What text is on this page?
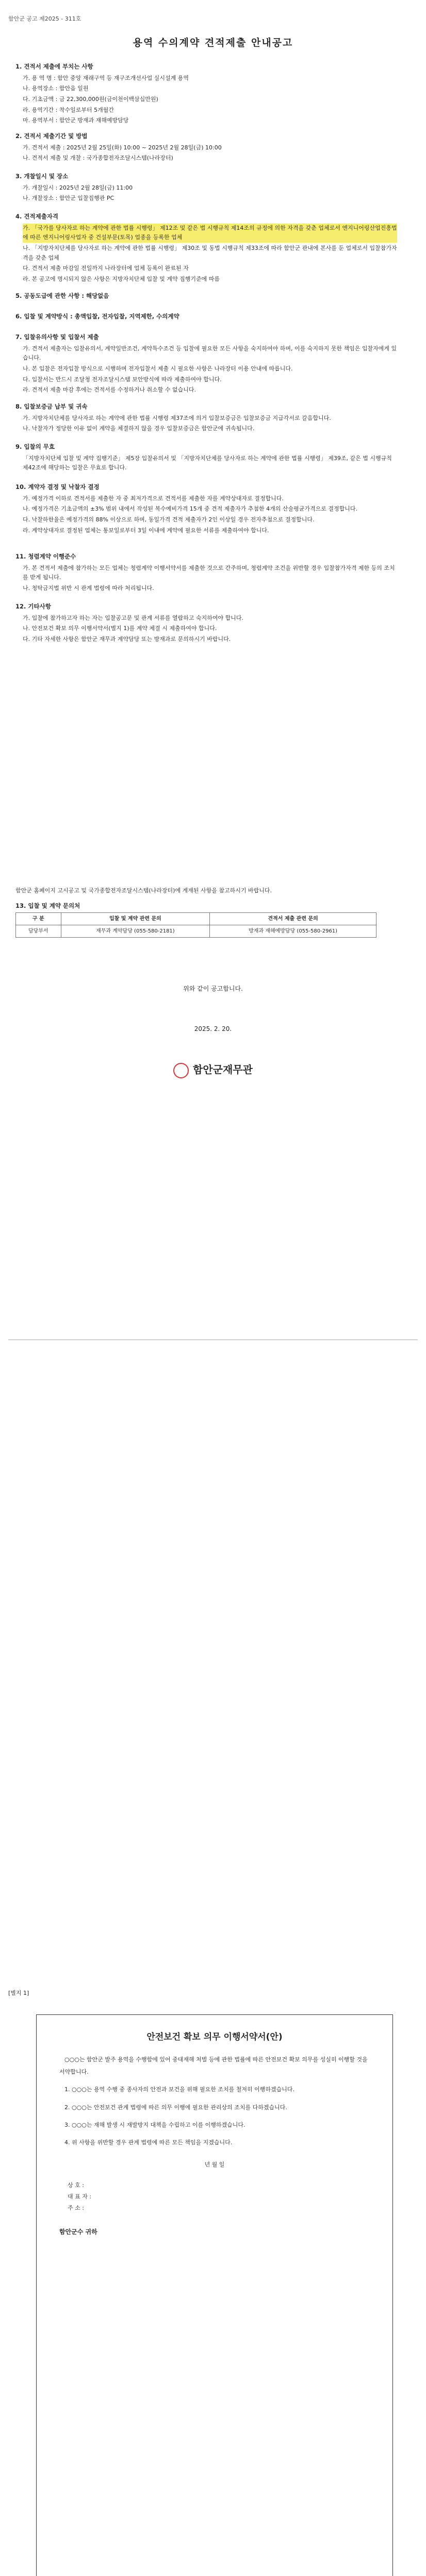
함안군 공고 제2025 - 311호
용역 수의계약 견적제출 안내공고
1. 견적서 제출에 부치는 사항

가. 용 역 명 : 함안 중앙 재래구역 등 재구조개선사업 실시설계 용역

나. 용역장소 : 함안읍 일원

다. 기초금액 : 금 22,300,000원(금이천이백삼십만원)

라. 용역기간 : 착수일로부터 5개월간

마. 용역부서 : 함안군 방재과 재해예방담당

2. 견적서 제출기간 및 방법

가. 견적서 제출 : 2025년 2월 25일(화) 10:00 ~ 2025년 2월 28일(금) 10:00

나. 견적서 제출 및 개찰 : 국가종합전자조달시스템(나라장터)

3. 개찰일시 및 장소

가. 개찰일시 : 2025년 2월 28일(금) 11:00

나. 개찰장소 : 함안군 입찰집행관 PC

4. 견적제출자격

가. 「국가를 당사자로 하는 계약에 관한 법률 시행령」 제12조 및 같은 법 시행규칙 제14조의 규정에 의한 자격을 갖춘 업체로서 엔지니어링산업진흥법에 따른 엔지니어링사업자 중 건설부문(토목) 업종을 등록한 업체

나. 「지방자치단체를 당사자로 하는 계약에 관한 법률 시행령」 제30조 및 동법 시행규칙 제33조에 따라 함안군 관내에 본사를 둔 업체로서 입찰참가자격을 갖춘 업체

다. 견적서 제출 마감일 전일까지 나라장터에 업체 등록이 완료된 자

라. 본 공고에 명시되지 않은 사항은 지방자치단체 입찰 및 계약 집행기준에 따름

5. 공동도급에 관한 사항 : 해당없음
6. 입찰 및 계약방식 : 총액입찰, 전자입찰, 지역제한, 수의계약
7. 입찰유의사항 및 입찰서 제출

가. 견적서 제출자는 입찰유의서, 계약일반조건, 계약특수조건 등 입찰에 필요한 모든 사항을 숙지하여야 하며, 이를 숙지하지 못한 책임은 입찰자에게 있습니다.

나. 본 입찰은 전자입찰 방식으로 시행하며 전자입찰서 제출 시 필요한 사항은 나라장터 이용 안내에 따릅니다.

다. 입찰서는 반드시 조달청 전자조달시스템 보안방식에 따라 제출하여야 합니다.

라. 견적서 제출 마감 후에는 견적서를 수정하거나 취소할 수 없습니다.

8. 입찰보증금 납부 및 귀속

가. 지방자치단체를 당사자로 하는 계약에 관한 법률 시행령 제37조에 의거 입찰보증금은 입찰보증금 지급각서로 갈음합니다.

나. 낙찰자가 정당한 이유 없이 계약을 체결하지 않을 경우 입찰보증금은 함안군에 귀속됩니다.

9. 입찰의 무효

「지방자치단체 입찰 및 계약 집행기준」 제5장 입찰유의서 및 「지방자치단체를 당사자로 하는 계약에 관한 법률 시행령」 제39조, 같은 법 시행규칙 제42조에 해당하는 입찰은 무효로 합니다.

10. 계약자 결정 및 낙찰자 결정

가. 예정가격 이하로 견적서를 제출한 자 중 최저가격으로 견적서를 제출한 자를 계약상대자로 결정합니다.

나. 예정가격은 기초금액의 ±3% 범위 내에서 작성된 복수예비가격 15개 중 견적 제출자가 추첨한 4개의 산술평균가격으로 결정합니다.

다. 낙찰하한율은 예정가격의 88% 이상으로 하며, 동일가격 견적 제출자가 2인 이상일 경우 전자추첨으로 결정합니다.

라. 계약상대자로 결정된 업체는 통보일로부터 3일 이내에 계약에 필요한 서류를 제출하여야 합니다.

11. 청렴계약 이행준수

가. 본 견적서 제출에 참가하는 모든 업체는 청렴계약 이행서약서를 제출한 것으로 간주하며, 청렴계약 조건을 위반할 경우 입찰참가자격 제한 등의 조치를 받게 됩니다.

나. 청탁금지법 위반 시 관계 법령에 따라 처리됩니다.

12. 기타사항

가. 입찰에 참가하고자 하는 자는 입찰공고문 및 관계 서류를 열람하고 숙지하여야 합니다.

나. 안전보건 확보 의무 이행서약서(별지 1)를 계약 체결 시 제출하여야 합니다.

다. 기타 자세한 사항은 함안군 재무과 계약담당 또는 방재과로 문의하시기 바랍니다.

함안군 홈페이지 고시공고 및 국가종합전자조달시스템(나라장터)에 게재된 사항을 참고하시기 바랍니다.

13. 입찰 및 계약 문의처
구 분	입찰 및 계약 관련 문의	견적서 제출 관련 문의
담당부서	재무과 계약담당 (055-580-2181)	방재과 재해예방담당 (055-580-2961)
위와 같이 공고합니다.
2025. 2. 20.
함안군재무관
[별지 1]
안전보건 확보 의무 이행서약서(안)

○○○는 함안군 발주 용역을 수행함에 있어 중대재해 처벌 등에 관한 법률에 따른 안전보건 확보 의무를 성실히 이행할 것을 서약합니다.

1. ○○○는 용역 수행 중 종사자의 안전과 보건을 위해 필요한 조치를 철저히 이행하겠습니다.

2. ○○○는 안전보건 관계 법령에 따른 의무 이행에 필요한 관리상의 조치를 다하겠습니다.

3. ○○○는 재해 발생 시 재발방지 대책을 수립하고 이를 이행하겠습니다.

4. 위 사항을 위반할 경우 관계 법령에 따른 모든 책임을 지겠습니다.

년 월 일
상 호 :
대 표 자 :
주 소 :
함안군수 귀하
